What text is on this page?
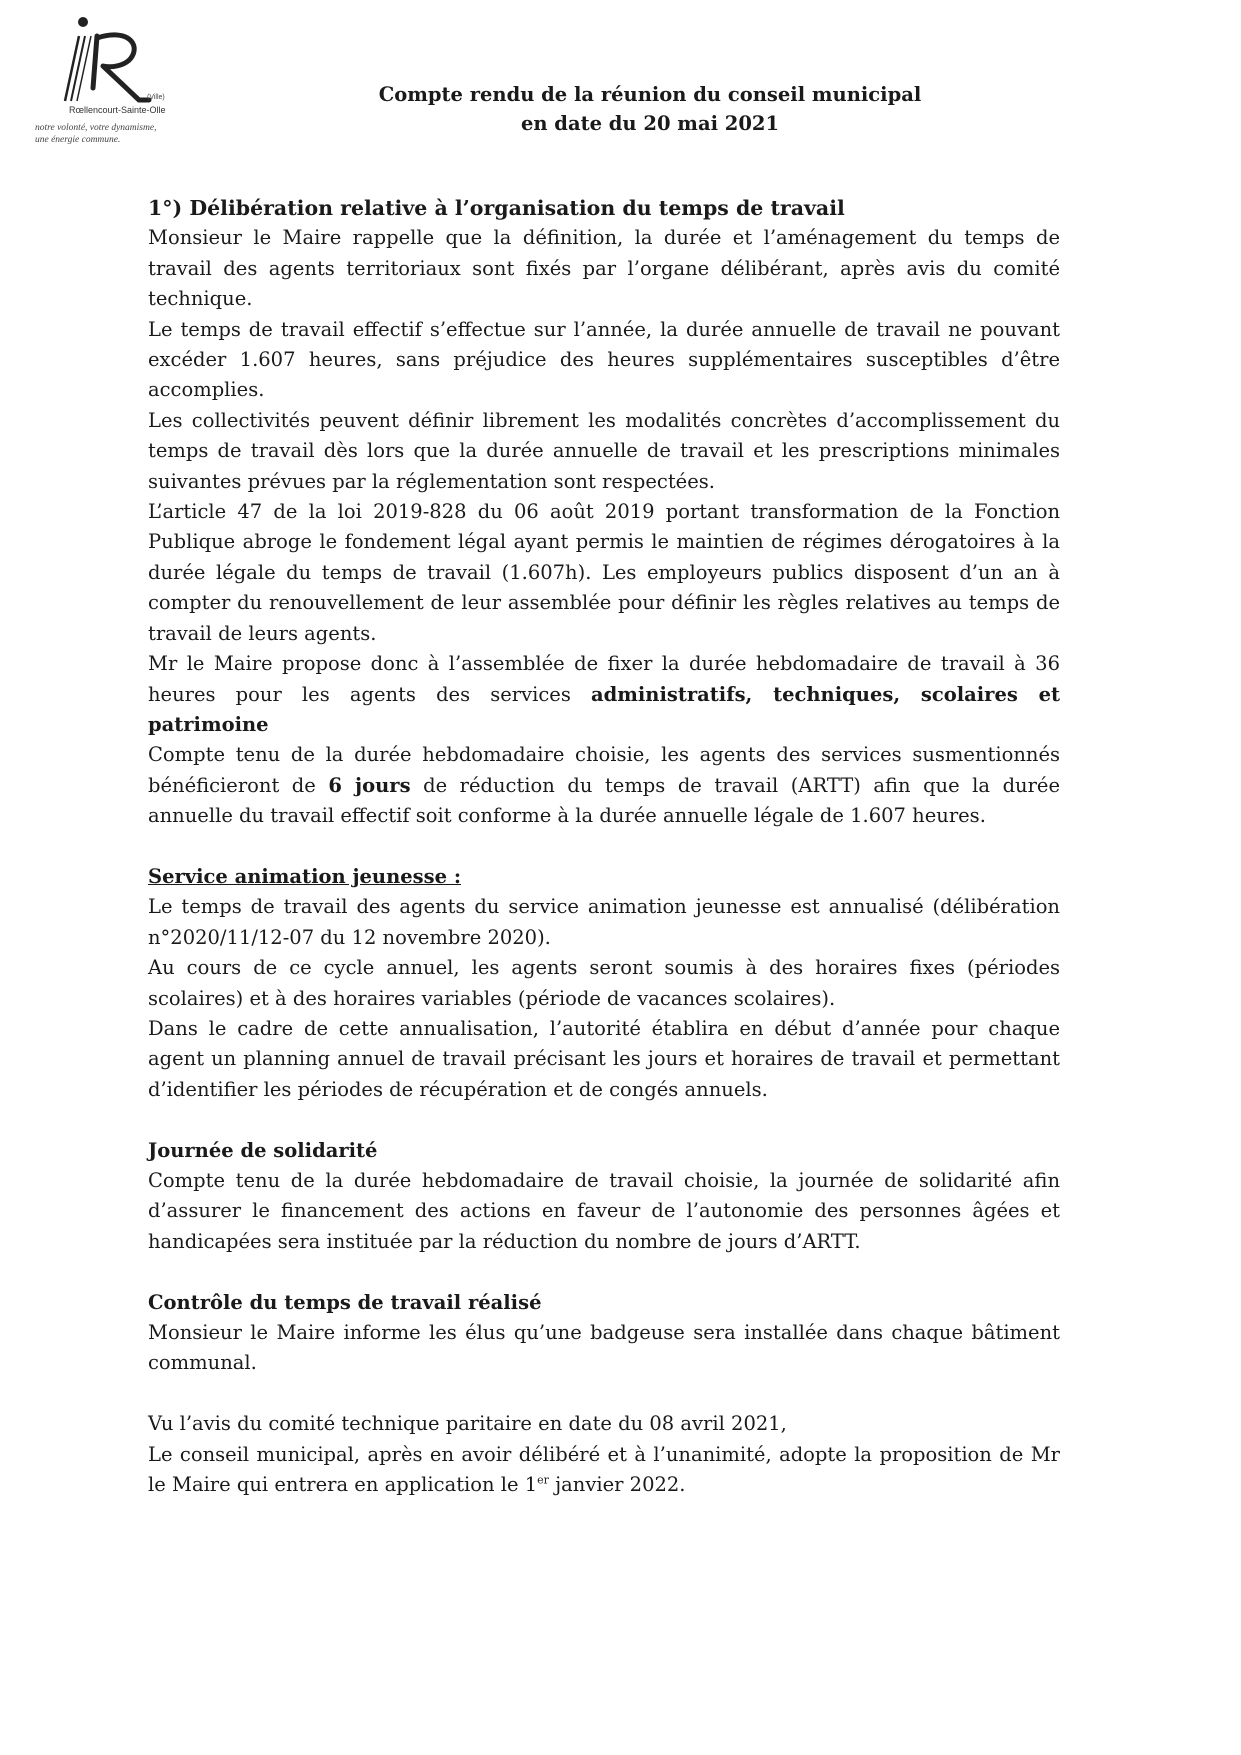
(Ville)
Rœllencourt-Sainte-Olle
notre volonté, votre dynamisme,
une énergie commune.
Compte rendu de la réunion du conseil municipal
en date du 20 mai 2021

1°) Délibération relative à l’organisation du temps de travail

Monsieur le Maire rappelle que la définition, la durée et l’aménagement du temps de travail des agents territoriaux sont fixés par l’organe délibérant, après avis du comité technique.

Le temps de travail effectif s’effectue sur l’année, la durée annuelle de travail ne pouvant excéder 1.607 heures, sans préjudice des heures supplémentaires susceptibles d’être accomplies.

Les collectivités peuvent définir librement les modalités concrètes d’accomplissement du temps de travail dès lors que la durée annuelle de travail et les prescriptions minimales suivantes prévues par la réglementation sont respectées.

L’article 47 de la loi 2019-828 du 06 août 2019 portant transformation de la Fonction Publique abroge le fondement légal ayant permis le maintien de régimes dérogatoires à la durée légale du temps de travail (1.607h). Les employeurs publics disposent d’un an à compter du renouvellement de leur assemblée pour définir les règles relatives au temps de travail de leurs agents.

Mr le Maire propose donc à l’assemblée de fixer la durée hebdomadaire de travail à 36 heures pour les agents des services administratifs, techniques, scolaires et patrimoine

Compte tenu de la durée hebdomadaire choisie, les agents des services susmentionnés bénéficieront de 6 jours de réduction du temps de travail (ARTT) afin que la durée annuelle du travail effectif soit conforme à la durée annuelle légale de 1.607 heures.

Service animation jeunesse :

Le temps de travail des agents du service animation jeunesse est annualisé (délibération n°2020/11/12-07 du 12 novembre 2020).

Au cours de ce cycle annuel, les agents seront soumis à des horaires fixes (périodes scolaires) et à des horaires variables (période de vacances scolaires).

Dans le cadre de cette annualisation, l’autorité établira en début d’année pour chaque agent un planning annuel de travail précisant les jours et horaires de travail et permettant d’identifier les périodes de récupération et de congés annuels.

Journée de solidarité

Compte tenu de la durée hebdomadaire de travail choisie, la journée de solidarité afin d’assurer le financement des actions en faveur de l’autonomie des personnes âgées et handicapées sera instituée par la réduction du nombre de jours d’ARTT.

Contrôle du temps de travail réalisé

Monsieur le Maire informe les élus qu’une badgeuse sera installée dans chaque bâtiment communal.

Vu l’avis du comité technique paritaire en date du 08 avril 2021,

Le conseil municipal, après en avoir délibéré et à l’unanimité, adopte la proposition de Mr le Maire qui entrera en application le 1er janvier 2022.
